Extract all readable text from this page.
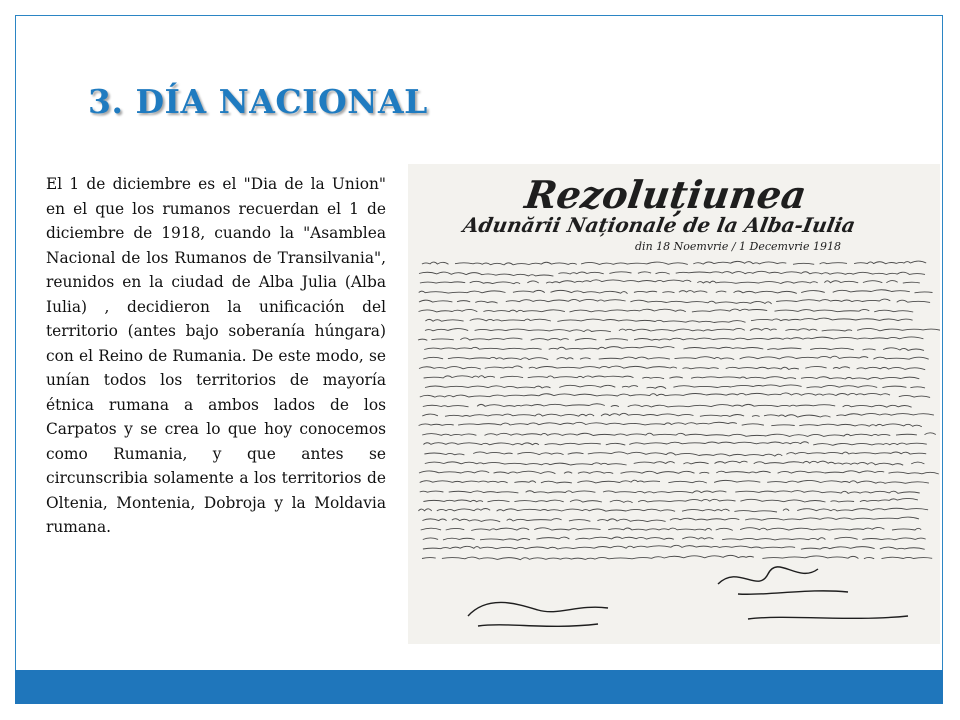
3. DÍA NACIONAL

El 1 de diciembre es el "Dia de la Union" en el que los rumanos recuerdan el 1 de diciembre de 1918, cuando la "Asamblea Nacional de los Rumanos de Transilvania", reunidos en la ciudad de Alba Julia (Alba Iulia) , decidieron la unificación del territorio (antes bajo soberanía húngara) con el Reino de Rumania. De este modo, se unían todos los territorios de mayoría étnica rumana a ambos lados de los Carpatos y se crea lo que hoy conocemos como Rumania, y que antes se circunscribia solamente a los territorios de Oltenia, Montenia, Dobroja y la Moldavia rumana.

Rezoluțiunea
Adunării Naționale de la Alba-Iulia
din 18 Noemvrie / 1 Decemvrie 1918
